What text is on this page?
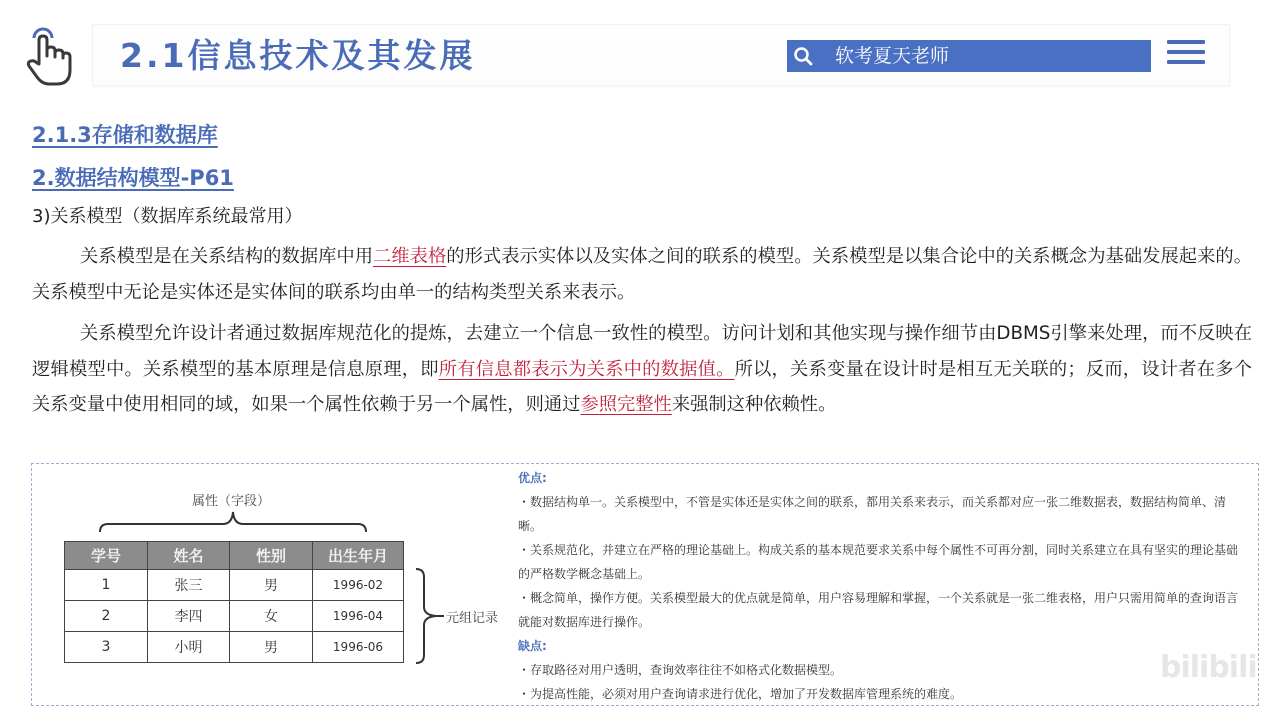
2.1信息技术及其发展	软考夏天老师
2.1.3存储和数据库
2.数据结构模型-P61
3)关系模型（数据库系统最常用）
关系模型是在关系结构的数据库中用二维表格的形式表示实体以及实体之间的联系的模型。关系模型是以集合论中的关系概念为基础发展起来的。关系模型中无论是实体还是实体间的联系均由单一的结构类型关系来表示。
关系模型允许设计者通过数据库规范化的提炼，去建立一个信息一致性的模型。访问计划和其他实现与操作细节由DBMS引擎来处理，而不反映在逻辑模型中。关系模型的基本原理是信息原理，即所有信息都表示为关系中的数据值。所以，关系变量在设计时是相互无关联的；反而，设计者在多个关系变量中使用相同的域，如果一个属性依赖于另一个属性，则通过参照完整性来强制这种依赖性。
属性（字段）
学号	姓名	性别	出生年月
1	张三	男	1996-02
2	李四	女	1996-04
3	小明	男	1996-06
元组记录
优点:
・数据结构单一。关系模型中，不管是实体还是实体之间的联系，都用关系来表示，而关系都对应一张二维数据表，数据结构简单、清晰。
・关系规范化，并建立在严格的理论基础上。构成关系的基本规范要求关系中每个属性不可再分割，同时关系建立在具有坚实的理论基础的严格数学概念基础上。
・概念简单，操作方便。关系模型最大的优点就是简单，用户容易理解和掌握，一个关系就是一张二维表格，用户只需用简单的查询语言就能对数据库进行操作。
缺点:
・存取路径对用户透明，查询效率往往不如格式化数据模型。
・为提高性能，必须对用户查询请求进行优化，增加了开发数据库管理系统的难度。
bilibili
